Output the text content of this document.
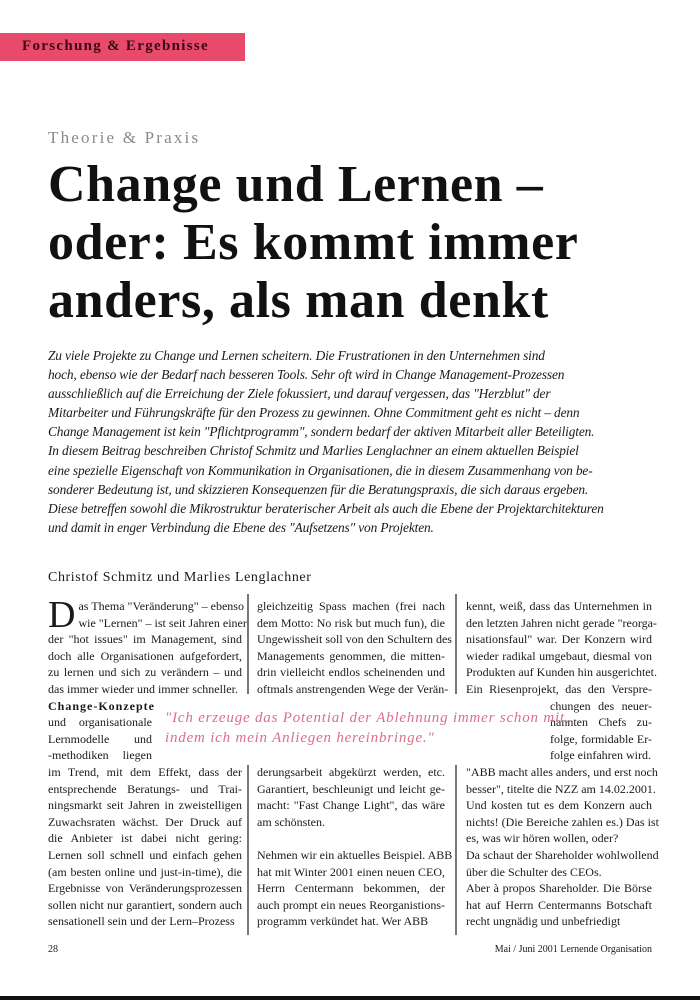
Forschung & Ergebnisse
Theorie & Praxis
Change und Lernen –
oder: Es kommt immer
anders, als man denkt
Zu viele Projekte zu Change und Lernen scheitern. Die Frustrationen in den Unternehmen sind
hoch, ebenso wie der Bedarf nach besseren Tools. Sehr oft wird in Change Management-Prozessen
ausschließlich auf die Erreichung der Ziele fokussiert, und darauf vergessen, das "Herzblut" der
Mitarbeiter und Führungskräfte für den Prozess zu gewinnen. Ohne Commitment geht es nicht – denn
Change Management ist kein "Pflichtprogramm", sondern bedarf der aktiven Mitarbeit aller Beteiligten.
In diesem Beitrag beschreiben Christof Schmitz und Marlies Lenglachner an einem aktuellen Beispiel
eine spezielle Eigenschaft von Kommunikation in Organisationen, die in diesem Zusammenhang von be-
sonderer Bedeutung ist, und skizzieren Konsequenzen für die Beratungspraxis, die sich daraus ergeben.
Diese betreffen sowohl die Mikrostruktur beraterischer Arbeit als auch die Ebene der Projektarchitekturen
und damit in enger Verbindung die Ebene des "Aufsetzens" von Projekten.
Christof Schmitz und Marlies Lenglachner
D as Thema "Veränderung" – ebenso
wie "Lernen" – ist seit Jahren einer
der "hot issues" im Management, sind
doch alle Organisationen aufgefordert,
zu lernen und sich zu verändern – und
das immer wieder und immer schneller.
Change-Konzepte
und organisationale
Lernmodelle und
-methodiken liegen
im Trend, mit dem Effekt, dass der
entsprechende Beratungs- und Trai-
ningsmarkt seit Jahren in zweistelligen
Zuwachsraten wächst. Der Druck auf
die Anbieter ist dabei nicht gering:
Lernen soll schnell und einfach gehen
(am besten online und just-in-time), die
Ergebnisse von Veränderungsprozessen
sollen nicht nur garantiert, sondern auch
sensationell sein und der Lern–Prozess
gleichzeitig Spass machen (frei nach
dem Motto: No risk but much fun), die
Ungewissheit soll von den Schultern des
Managements genommen, die mitten-
drin vielleicht endlos scheinenden und
oftmals anstrengenden Wege der Verän-

derungsarbeit abgekürzt werden, etc.
Garantiert, beschleunigt und leicht ge-
macht: "Fast Change Light", das wäre
am schönsten.

Nehmen wir ein aktuelles Beispiel. ABB
hat mit Winter 2001 einen neuen CEO,
Herrn Centermann bekommen, der
auch prompt ein neues Reorganistions-
programm verkündet hat. Wer ABB
kennt, weiß, dass das Unternehmen in
den letzten Jahren nicht gerade "reorga-
nisationsfaul" war. Der Konzern wird
wieder radikal umgebaut, diesmal von
Produkten auf Kunden hin ausgerichtet.
Ein Riesenprojekt, das den Verspre-
chungen des neuer-
nannten Chefs zu-
folge, formidable Er-
folge einfahren wird.
"ABB macht alles anders, und erst noch
besser", titelte die NZZ am 14.02.2001.
Und kosten tut es dem Konzern auch
nichts! (Die Bereiche zahlen es.) Das ist
es, was wir hören wollen, oder?
Da schaut der Shareholder wohlwollend
über die Schulter des CEOs.
Aber à propos Shareholder. Die Börse
hat auf Herrn Centermanns Botschaft
recht ungnädig und unbefriedigt
"Ich erzeuge das Potential der Ablehnung immer schon mit,
indem ich mein Anliegen hereinbringe."
28	Mai / Juni 2001 Lernende Organisation
